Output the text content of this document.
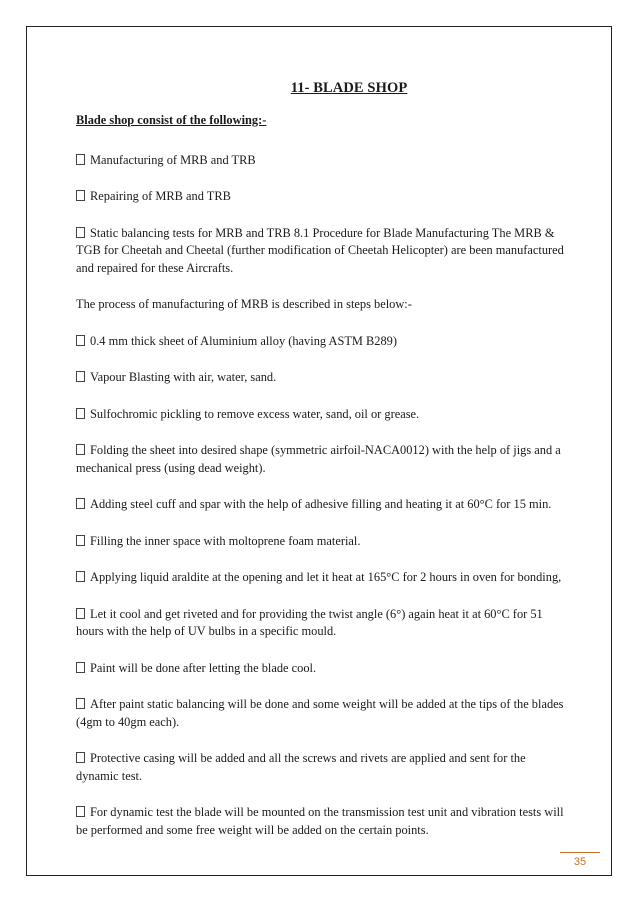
11- BLADE SHOP

Blade shop consist of the following:-

Manufacturing of MRB and TRB

Repairing of MRB and TRB

Static balancing tests for MRB and TRB 8.1 Procedure for Blade Manufacturing The MRB & TGB for Cheetah and Cheetal (further modification of Cheetah Helicopter) are been manufactured and repaired for these Aircrafts.

The process of manufacturing of MRB is described in steps below:-

0.4 mm thick sheet of Aluminium alloy (having ASTM B289)

Vapour Blasting with air, water, sand.

Sulfochromic pickling to remove excess water, sand, oil or grease.

Folding the sheet into desired shape (symmetric airfoil-NACA0012) with the help of jigs and a mechanical press (using dead weight).

Adding steel cuff and spar with the help of adhesive filling and heating it at 60°C for 15 min.

Filling the inner space with moltoprene foam material.

Applying liquid araldite at the opening and let it heat at 165°C for 2 hours in oven for bonding,

Let it cool and get riveted and for providing the twist angle (6°) again heat it at 60°C for 51 hours with the help of UV bulbs in a specific mould.

Paint will be done after letting the blade cool.

After paint static balancing will be done and some weight will be added at the tips of the blades (4gm to 40gm each).

Protective casing will be added and all the screws and rivets are applied and sent for the dynamic test.

For dynamic test the blade will be mounted on the transmission test unit and vibration tests will be performed and some free weight will be added on the certain points.

35
